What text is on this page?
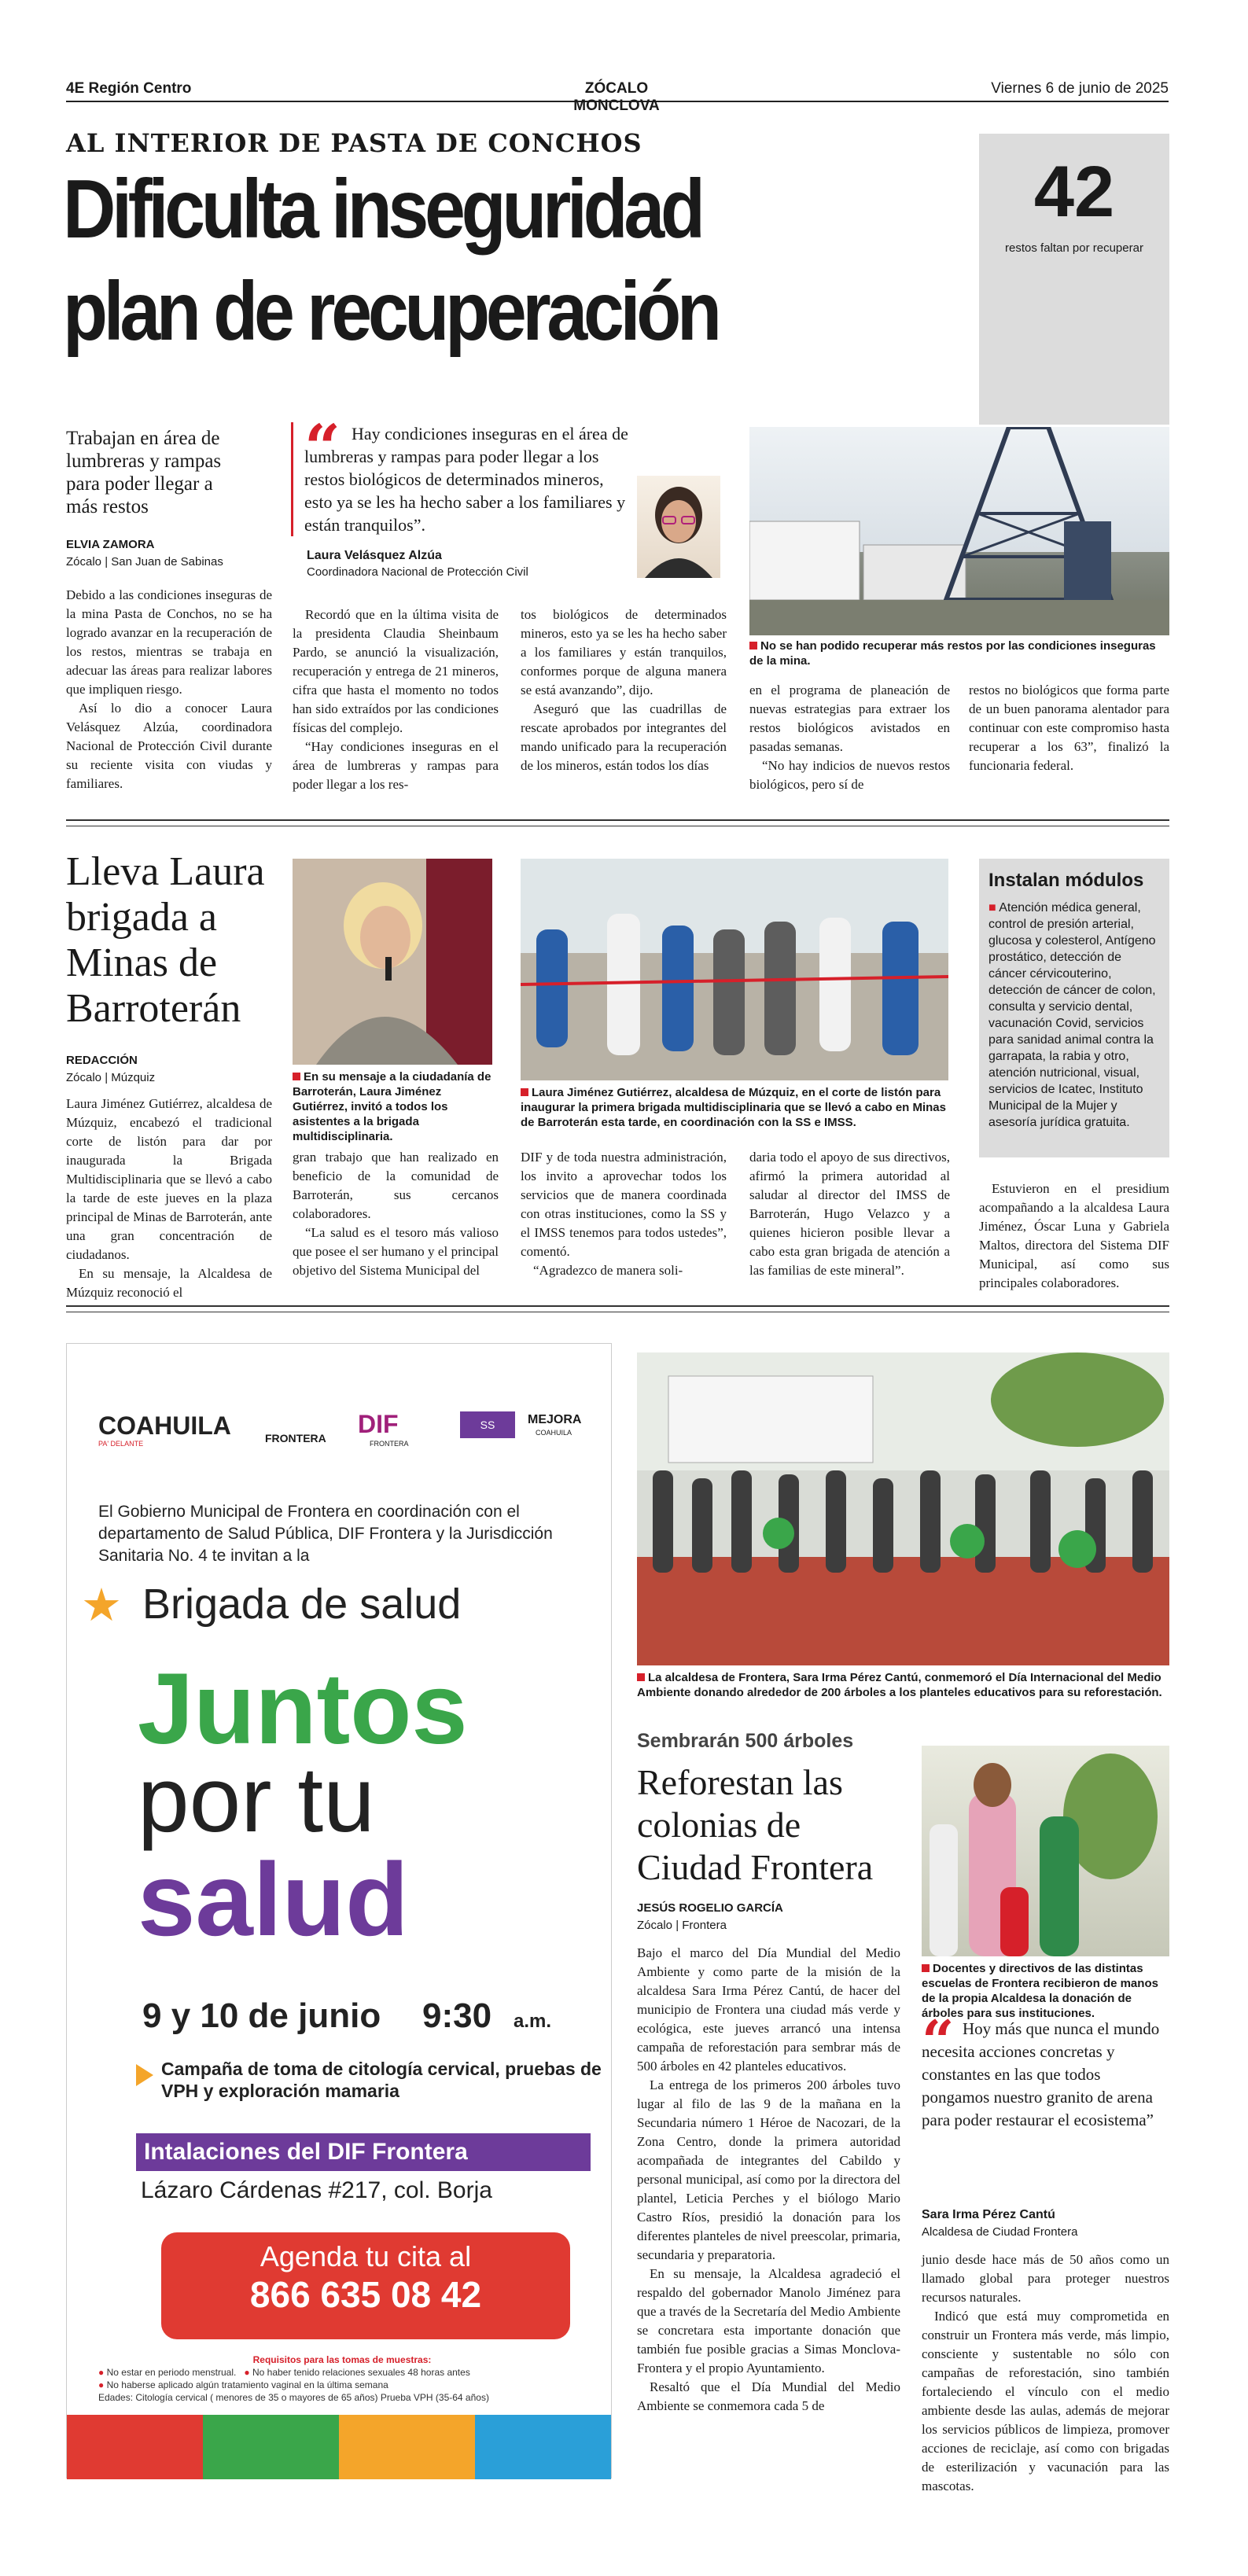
4E Región Centro	ZÓCALO MONCLOVA
Viernes 6 de junio de 2025
AL INTERIOR DE PASTA DE CONCHOS
Dificulta inseguridad
plan de recuperación
42
restos faltan por recuperar
No se han podido recuperar más restos por las condiciones inseguras de la mina.
Trabajan en área de lumbreras y rampas para poder llegar a más restos
ELVIA ZAMORA
Zócalo | San Juan de Sabinas
“ Hay condiciones inseguras en el área de lumbreras y rampas para poder llegar a los restos biológicos de determinados mineros, esto ya se les ha hecho saber a los familiares y están tranquilos”.
Laura Velásquez Alzúa
Coordinadora Nacional de Protección Civil

Debido a las condiciones inseguras de la mina Pasta de Conchos, no se ha logrado avanzar en la recuperación de los restos, mientras se trabaja en adecuar las áreas para realizar labores que impliquen riesgo.

Así lo dio a conocer Laura Velásquez Alzúa, coordinadora Nacional de Protección Civil durante su reciente visita con viudas y familiares.

Recordó que en la última visita de la presidenta Claudia Sheinbaum Pardo, se anunció la visualización, recuperación y entrega de 21 mineros, cifra que hasta el momento no todos han sido extraídos por las condiciones físicas del complejo.

“Hay condiciones inseguras en el área de lumbreras y rampas para poder llegar a los res-

tos biológicos de determinados mineros, esto ya se les ha hecho saber a los familiares y están tranquilos, conformes porque de alguna manera se está avanzando”, dijo.

Aseguró que las cuadrillas de rescate aprobados por integrantes del mando unificado para la recuperación de los mineros, están todos los días

en el programa de planeación de nuevas estrategias para extraer los restos biológicos avistados en pasadas semanas.

“No hay indicios de nuevos restos biológicos, pero sí de

restos no biológicos que forma parte de un buen panorama alentador para continuar con este compromiso hasta recuperar a los 63”, finalizó la funcionaria federal.

Lleva Laura brigada a Minas de Barroterán
REDACCIÓN
Zócalo | Múzquiz	En su mensaje a la ciudadanía de Barroterán, Laura Jiménez Gutiérrez, invitó a todos los asistentes a la brigada multidisciplinaria.
Laura Jiménez Gutiérrez, alcaldesa de Múzquiz, en el corte de listón para inaugurar la primera brigada multidisciplinaria que se llevó a cabo en Minas de Barroterán esta tarde, en coordinación con la SS e IMSS.
Instalan módulos
■ Atención médica general, control de presión arterial, glucosa y colesterol, Antígeno prostático, detección de cáncer cérvicouterino, detección de cáncer de colon, consulta y servicio dental, vacunación Covid, servicios para sanidad animal contra la garrapata, la rabia y otro, atención nutricional, visual, servicios de Icatec, Instituto Municipal de la Mujer y asesoría jurídica gratuita.

Laura Jiménez Gutiérrez, alcaldesa de Múzquiz, encabezó el tradicional corte de listón para dar por inaugurada la Brigada Multidisciplinaria que se llevó a cabo la tarde de este jueves en la plaza principal de Minas de Barroterán, ante una gran concentración de ciudadanos.

En su mensaje, la Alcaldesa de Múzquiz reconoció el

gran trabajo que han realizado en beneficio de la comunidad de Barroterán, sus cercanos colaboradores.

“La salud es el tesoro más valioso que posee el ser humano y el principal objetivo del Sistema Municipal del

DIF y de toda nuestra administración, los invito a aprovechar todos los servicios que de manera coordinada con otras instituciones, como la SS y el IMSS tenemos para todos ustedes”, comentó.

“Agradezco de manera soli-

daria todo el apoyo de sus directivos, afirmó la primera autoridad al saludar al director del IMSS de Barroterán, Hugo Velazco y a quienes hicieron posible llevar a cabo esta gran brigada de atención a las familias de este mineral”.

Estuvieron en el presidium acompañando a la alcaldesa Laura Jiménez, Óscar Luna y Gabriela Maltos, directora del Sistema DIF Municipal, así como sus principales colaboradores.

COAHUILA
PA' DELANTE	FRONTERA DIF
FRONTERA
SS	MEJORA
COAHUILA
El Gobierno Municipal de Frontera en coordinación con el departamento de Salud Pública, DIF Frontera y la Jurisdicción Sanitaria No. 4 te invitan a la
★ Brigada de salud
Juntos
por tu
salud
9 y 10 de junio 9:30 a.m.
Campaña de toma de citología cervical, pruebas de VPH y exploración mamaria
Intalaciones del DIF Frontera
Lázaro Cárdenas #217, col. Borja
Agenda tu cita al
866 635 08 42
Requisitos para las tomas de muestras:
● No estar en periodo menstrual. ● No haber tenido relaciones sexuales 48 horas antes
● No haberse aplicado algún tratamiento vaginal en la última semana
Edades: Citología cervical ( menores de 35 o mayores de 65 años) Prueba VPH (35-64 años)
La alcaldesa de Frontera, Sara Irma Pérez Cantú, conmemoró el Día Internacional del Medio Ambiente donando alrededor de 200 árboles a los planteles educativos para su reforestación.
Sembrarán 500 árboles
Reforestan las colonias de Ciudad Frontera
JESÚS ROGELIO GARCÍA
Zócalo | Frontera
Docentes y directivos de las distintas escuelas de Frontera recibieron de manos de la propia Alcaldesa la donación de árboles para sus instituciones.
“ Hoy más que nunca el mundo necesita acciones concretas y constantes en las que todos pongamos nuestro granito de arena para poder restaurar el ecosistema”
Sara Irma Pérez Cantú
Alcaldesa de Ciudad Frontera

Bajo el marco del Día Mundial del Medio Ambiente y como parte de la misión de la alcaldesa Sara Irma Pérez Cantú, de hacer del municipio de Frontera una ciudad más verde y ecológica, este jueves arrancó una intensa campaña de reforestación para sembrar más de 500 árboles en 42 planteles educativos.

La entrega de los primeros 200 árboles tuvo lugar al filo de las 9 de la mañana en la Secundaria número 1 Héroe de Nacozari, de la Zona Centro, donde la primera autoridad acompañada de integrantes del Cabildo y personal municipal, así como por la directora del plantel, Leticia Perches y el biólogo Mario Castro Ríos, presidió la donación para los diferentes planteles de nivel preescolar, primaria, secundaria y preparatoria.

En su mensaje, la Alcaldesa agradeció el respaldo del gobernador Manolo Jiménez para que a través de la Secretaría del Medio Ambiente se concretara esta importante donación que también fue posible gracias a Simas Monclova-Frontera y el propio Ayuntamiento.

Resaltó que el Día Mundial del Medio Ambiente se conmemora cada 5 de

junio desde hace más de 50 años como un llamado global para proteger nuestros recursos naturales.

Indicó que está muy comprometida en construir un Frontera más verde, más limpio, consciente y sustentable no sólo con campañas de reforestación, sino también fortaleciendo el vínculo con el medio ambiente desde las aulas, además de mejorar los servicios públicos de limpieza, promover acciones de reciclaje, así como con brigadas de esterilización y vacunación para las mascotas.
